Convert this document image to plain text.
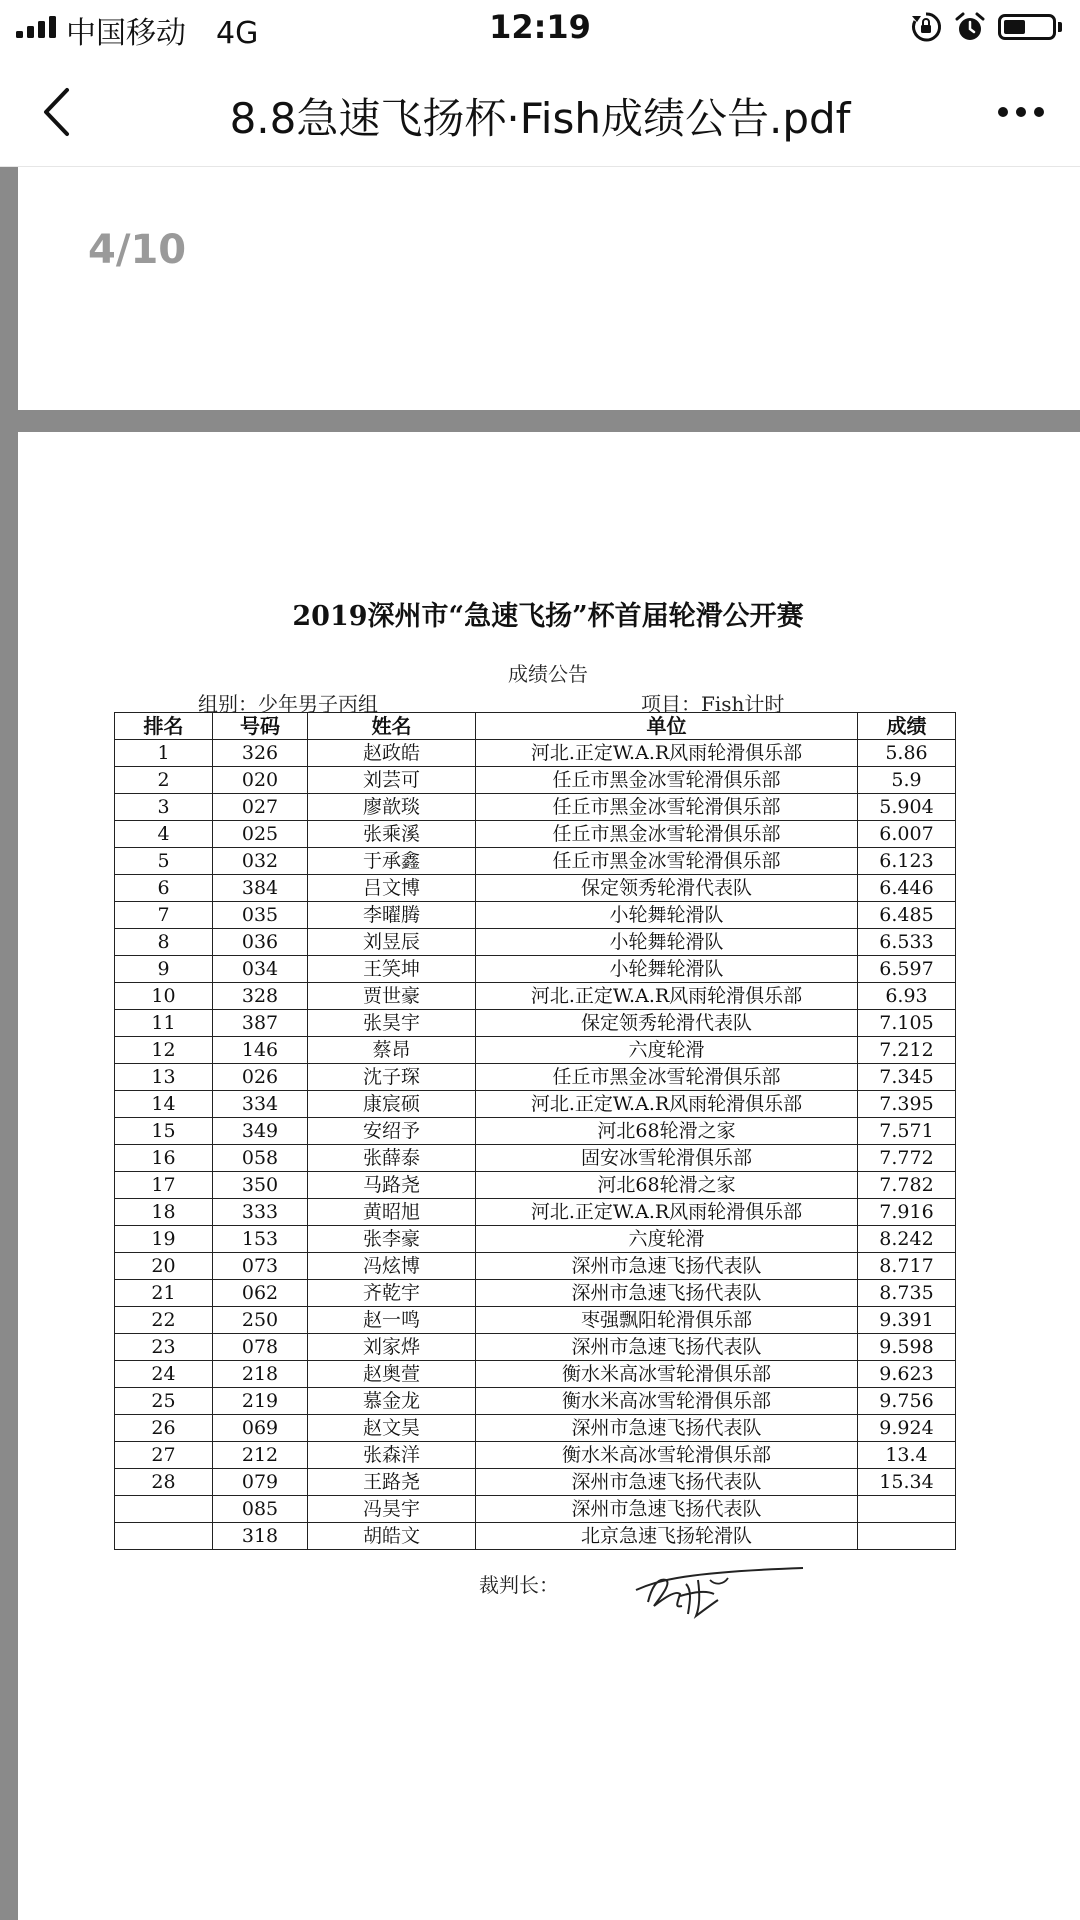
中国移动 4G	12:19
8.8急速飞扬杯·Fish成绩公告.pdf
4/10
2019深州市“急速飞扬”杯首届轮滑公开赛
成绩公告
组别：少年男子丙组	项目：Fish计时
排名	号码	姓名	单位	成绩
1	326	赵政皓	河北.正定W.A.R风雨轮滑俱乐部	5.86
2	020	刘芸可	任丘市黑金冰雪轮滑俱乐部	5.9
3	027	廖歆琰	任丘市黑金冰雪轮滑俱乐部	5.904
4	025	张乘溪	任丘市黑金冰雪轮滑俱乐部	6.007
5	032	于承鑫	任丘市黑金冰雪轮滑俱乐部	6.123
6	384	吕文博	保定领秀轮滑代表队	6.446
7	035	李曜腾	小轮舞轮滑队	6.485
8	036	刘昱辰	小轮舞轮滑队	6.533
9	034	王笑坤	小轮舞轮滑队	6.597
10	328	贾世豪	河北.正定W.A.R风雨轮滑俱乐部	6.93
11	387	张昊宇	保定领秀轮滑代表队	7.105
12	146	蔡昂	六度轮滑	7.212
13	026	沈子琛	任丘市黑金冰雪轮滑俱乐部	7.345
14	334	康宸硕	河北.正定W.A.R风雨轮滑俱乐部	7.395
15	349	安绍予	河北68轮滑之家	7.571
16	058	张薛泰	固安冰雪轮滑俱乐部	7.772
17	350	马路尧	河北68轮滑之家	7.782
18	333	黄昭旭	河北.正定W.A.R风雨轮滑俱乐部	7.916
19	153	张李豪	六度轮滑	8.242
20	073	冯炫博	深州市急速飞扬代表队	8.717
21	062	齐乾宇	深州市急速飞扬代表队	8.735
22	250	赵一鸣	枣强飘阳轮滑俱乐部	9.391
23	078	刘家烨	深州市急速飞扬代表队	9.598
24	218	赵奥萱	衡水米高冰雪轮滑俱乐部	9.623
25	219	慕金龙	衡水米高冰雪轮滑俱乐部	9.756
26	069	赵文昊	深州市急速飞扬代表队	9.924
27	212	张森洋	衡水米高冰雪轮滑俱乐部	13.4
28	079	王路尧	深州市急速飞扬代表队	15.34
	085	冯昊宇	深州市急速飞扬代表队	
	318	胡皓文	北京急速飞扬轮滑队	
裁判长：
